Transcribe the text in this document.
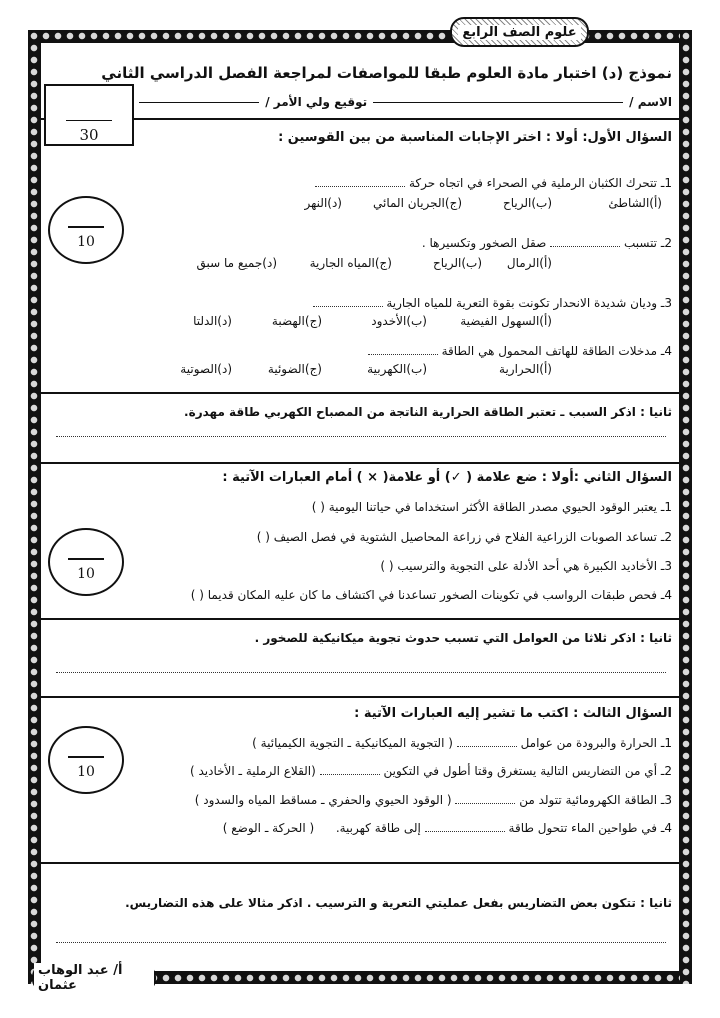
علوم الصف الرابع
نموذج (د) اختبار مادة العلوم طبقا للمواصفات لمراجعة الفصل الدراسي الثاني
الاسم /توقيع ولي الأمر /
30	السؤال الأول: أولا : اختر الإجابات المناسبة من بين القوسين :
10
1ـ تتحرك الكثبان الرملية في الصحراء في اتجاه حركة
(أ)الشاطئ
(ب)الرياح
(ج)الجريان المائي
(د)النهر
2ـ تتسبب  صقل الصخور وتكسيرها .
(أ)الرمال
(ب)الرياح
(ج)المياه الجارية
(د)جميع ما سبق
3ـ وديان شديدة الانحدار تكونت بقوة التعرية للمياه الجارية
(أ)السهول الفيضية
(ب)الأخدود
(ج)الهضبة
(د)الدلتا
4ـ مدخلات الطاقة للهاتف المحمول هي الطاقة
(أ)الحرارية
(ب)الكهربية
(ج)الضوئية
(د)الصوتية
ثانيا : اذكر السبب ـ تعتبر الطاقة الحرارية الناتجة من المصباح الكهربي طاقة مهدرة.
السؤال الثاني :أولا : ضع علامة ( ✓) أو علامة( × ) أمام العبارات الآتية :
10
1ـ يعتبر الوقود الحيوي مصدر الطاقة الأكثر استخداما في حياتنا اليومية ( )
2ـ تساعد الصوبات الزراعية الفلاح في زراعة المحاصيل الشتوية في فصل الصيف ( )
3ـ الأخاديد الكبيرة هي أحد الأدلة على التجوية والترسيب ( )
4ـ فحص طبقات الرواسب في تكوينات الصخور تساعدنا في اكتشاف ما كان عليه المكان قديما ( )
ثانيا : اذكر ثلاثا من العوامل التي تسبب حدوث تجوية ميكانيكية للصخور .
السؤال الثالث : اكتب ما تشير إليه العبارات الآتية :
10
1ـ الحرارة والبرودة من عوامل  ( التجوية الميكانيكية ـ التجوية الكيميائية )
2ـ أي من التضاريس التالية يستغرق وقتا أطول في التكوين  (القلاع الرملية ـ الأخاديد )
3ـ الطاقة الكهرومائية تتولد من  ( الوقود الحيوي والحفري ـ مساقط المياه والسدود )
4ـ في طواحين الماء تتحول طاقة  إلى طاقة كهربية.  ( الحركة ـ الوضع )
ثانيا : تتكون بعض التضاريس بفعل عمليتي التعرية و الترسيب . اذكر مثالا على هذه التضاريس.
أ/ عبد الوهاب عثمان
